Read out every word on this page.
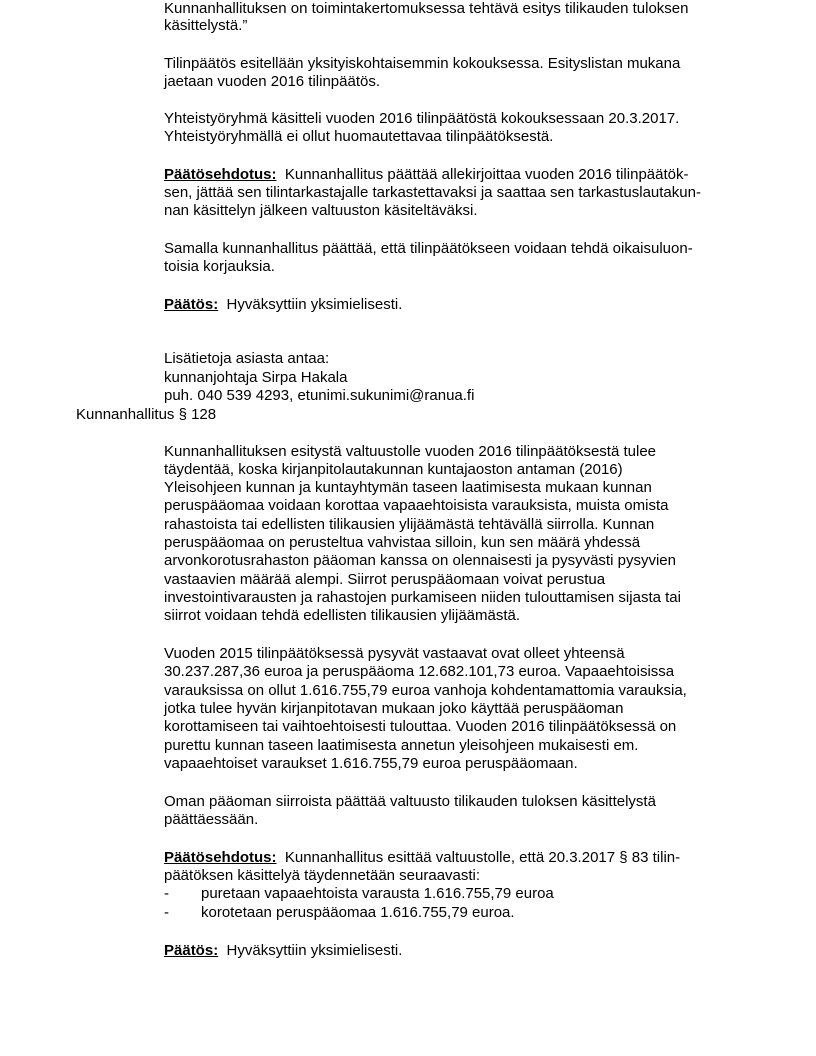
Kunnanhallituksen on toimintakertomuksessa tehtävä esitys tilikauden tuloksen
käsittelystä.”
Tilinpäätös esitellään yksityiskohtaisemmin kokouksessa. Esityslistan mukana
jaetaan vuoden 2016 tilinpäätös.
Yhteistyöryhmä käsitteli vuoden 2016 tilinpäätöstä kokouksessaan 20.3.2017.
Yhteistyöryhmällä ei ollut huomautettavaa tilinpäätöksestä.
Päätösehdotus: Kunnanhallitus päättää allekirjoittaa vuoden 2016 tilinpäätök-
sen, jättää sen tilintarkastajalle tarkastettavaksi ja saattaa sen tarkastuslautakun-
nan käsittelyn jälkeen valtuuston käsiteltäväksi.
Samalla kunnanhallitus päättää, että tilinpäätökseen voidaan tehdä oikaisuluon-
toisia korjauksia.
Päätös: Hyväksyttiin yksimielisesti.
Lisätietoja asiasta antaa:
kunnanjohtaja Sirpa Hakala
puh. 040 539 4293, etunimi.sukunimi@ranua.fi
Kunnanhallitus § 128
Kunnanhallituksen esitystä valtuustolle vuoden 2016 tilinpäätöksestä tulee
täydentää, koska kirjanpitolautakunnan kuntajaoston antaman (2016)
Yleisohjeen kunnan ja kuntayhtymän taseen laatimisesta mukaan kunnan
peruspääomaa voidaan korottaa vapaaehtoisista varauksista, muista omista
rahastoista tai edellisten tilikausien ylijäämästä tehtävällä siirrolla. Kunnan
peruspääomaa on perusteltua vahvistaa silloin, kun sen määrä yhdessä
arvonkorotusrahaston pääoman kanssa on olennaisesti ja pysyvästi pysyvien
vastaavien määrää alempi. Siirrot peruspääomaan voivat perustua
investointivarausten ja rahastojen purkamiseen niiden tulouttamisen sijasta tai
siirrot voidaan tehdä edellisten tilikausien ylijäämästä.
Vuoden 2015 tilinpäätöksessä pysyvät vastaavat ovat olleet yhteensä
30.237.287,36 euroa ja peruspääoma 12.682.101,73 euroa. Vapaaehtoisissa
varauksissa on ollut 1.616.755,79 euroa vanhoja kohdentamattomia varauksia,
jotka tulee hyvän kirjanpitotavan mukaan joko käyttää peruspääoman
korottamiseen tai vaihtoehtoisesti tulouttaa. Vuoden 2016 tilinpäätöksessä on
purettu kunnan taseen laatimisesta annetun yleisohjeen mukaisesti em.
vapaaehtoiset varaukset 1.616.755,79 euroa peruspääomaan.
Oman pääoman siirroista päättää valtuusto tilikauden tuloksen käsittelystä
päättäessään.
Päätösehdotus: Kunnanhallitus esittää valtuustolle, että 20.3.2017 § 83 tilin-
päätöksen käsittelyä täydennetään seuraavasti:
- puretaan vapaaehtoista varausta 1.616.755,79 euroa
- korotetaan peruspääomaa 1.616.755,79 euroa.
Päätös: Hyväksyttiin yksimielisesti.
